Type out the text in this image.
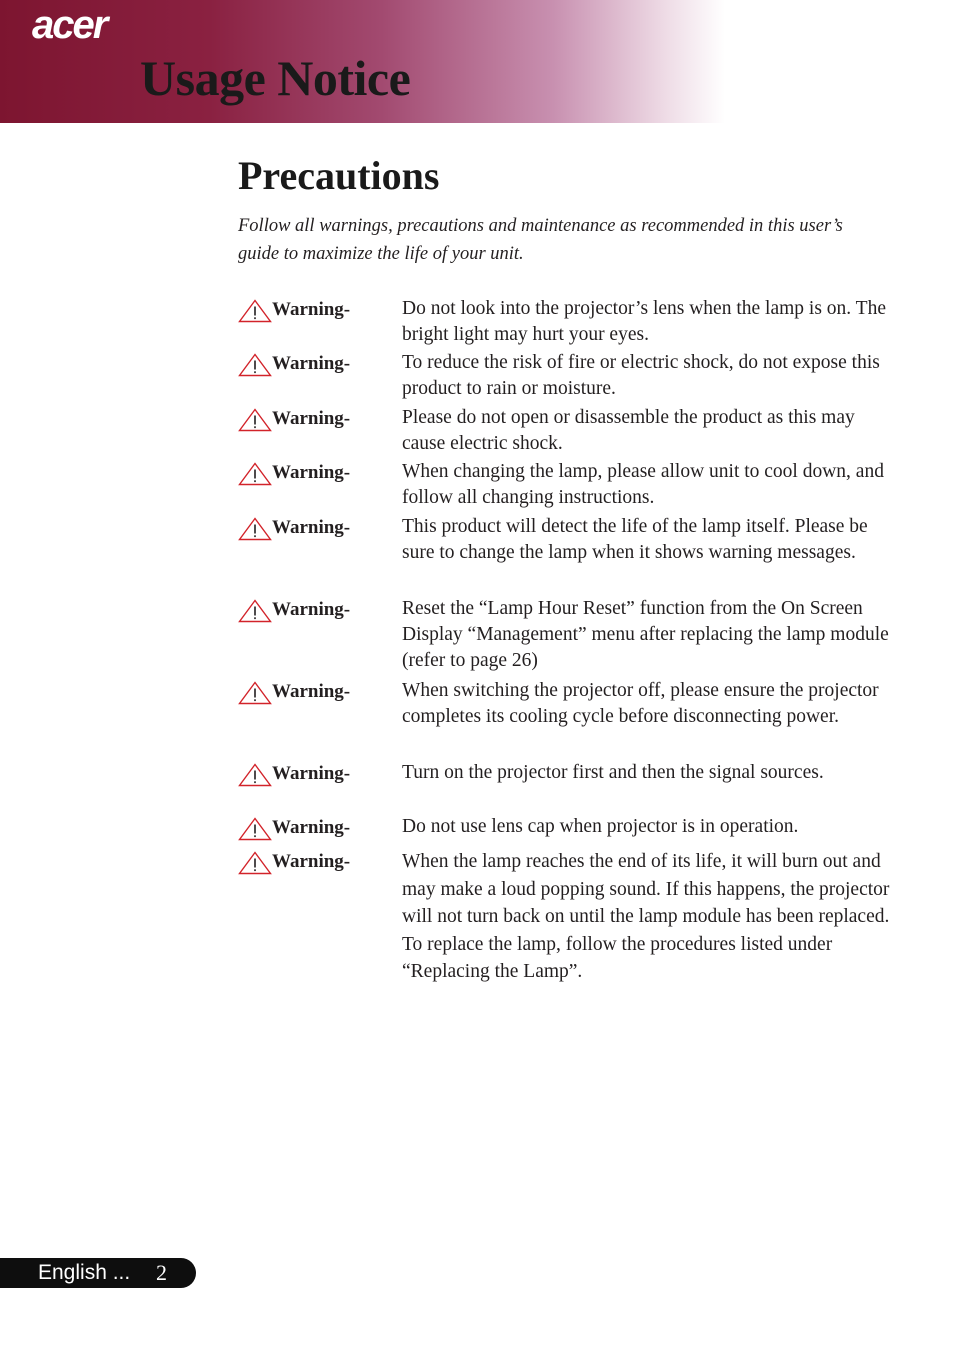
acer
Usage Notice
Precautions
Follow all warnings, precautions and maintenance as recommended in this user’s guide to maximize the life of your unit.
Warning-	Do not look into the projector’s lens when the lamp is on. The bright light may hurt your eyes.
Warning-	To reduce the risk of fire or electric shock, do not expose this product to rain or moisture.
Warning-	Please do not open or disassemble the product as this may cause electric shock.
Warning-	When changing the lamp, please allow unit to cool down, and follow all changing instructions.
Warning-	This product will detect the life of the lamp itself. Please be sure to change the lamp when it shows warning messages.
Warning-	Reset the “Lamp Hour Reset” function from the On Screen Display “Management” menu after replacing the lamp module (refer to page 26)
Warning-	When switching the projector off, please ensure the projector completes its cooling cycle before disconnecting power.
Warning-	Turn on the projector first and then the signal sources.
Warning-	Do not use lens cap when projector is in operation.
Warning-	When the lamp reaches the end of its life, it will burn out and may make a loud popping sound. If this happens, the projector will not turn back on until the lamp module has been replaced. To replace the lamp, follow the procedures listed under “Replacing the Lamp”.
English ... 2
